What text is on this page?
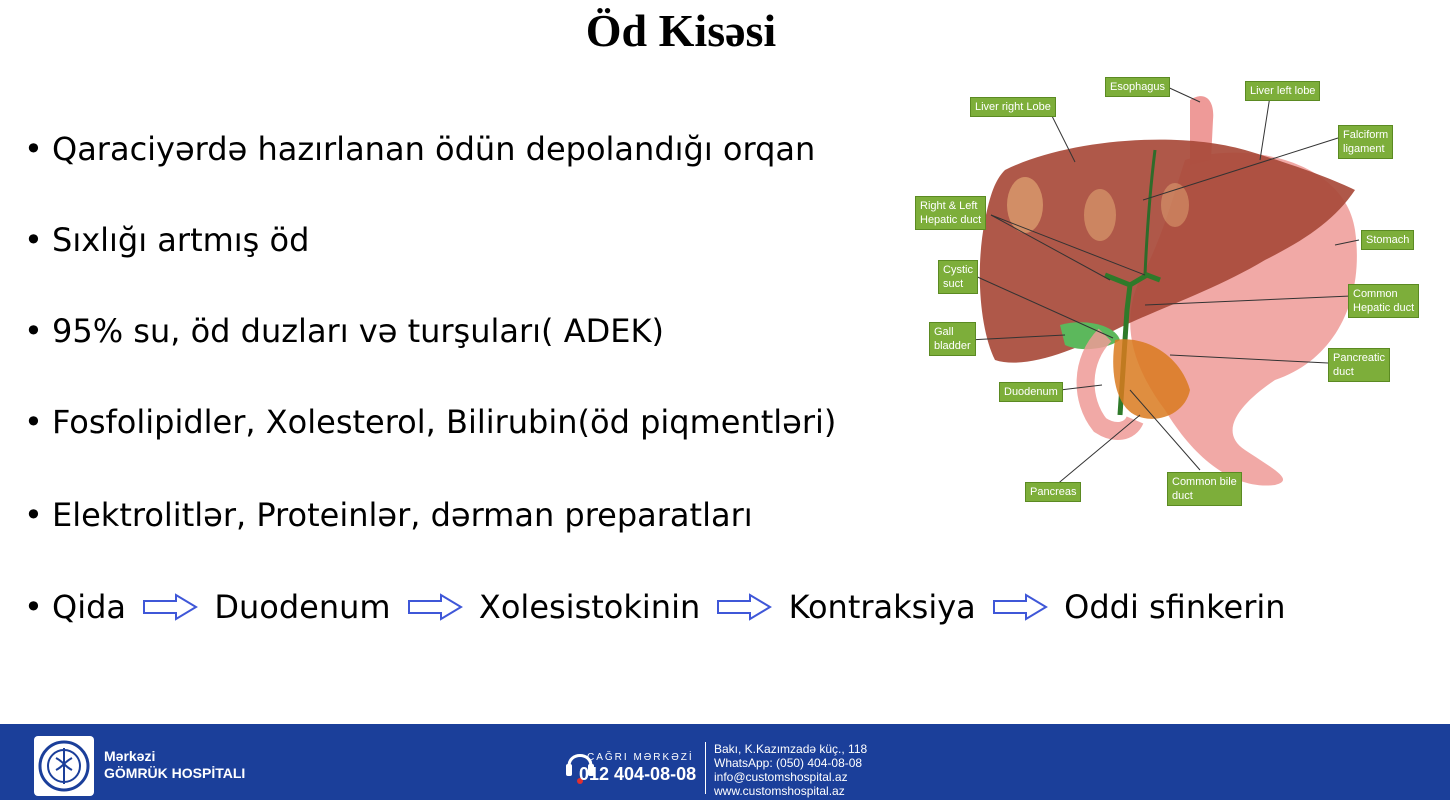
Öd Kisəsi
• Qaraciyərdə hazırlanan ödün depolandığı orqan
• Sıxlığı artmış öd
• 95% su, öd duzları və turşuları( ADEK)
• Fosfolipidler, Xolesterol, Bilirubin(öd piqmentləri)
• Elektrolitlər, Proteinlər, dərman preparatları
• Qida	Duodenum	Xolesistokinin	Kontraksiya	Oddi sfinkerin
Esophagus
Liver right Lobe
Liver left lobe
Falciform
ligament
Right & Left
Hepatic duct
Stomach
Cystic
suct
Common
Hepatic duct
Gall
bladder
Pancreatic
duct
Duodenum
Pancreas
Common bile
duct
Mərkəzi
GÖMRÜK HOSPİTALI
ÇAĞRI MƏRKƏZİ
012 404-08-08
Bakı, K.Kazımzadə küç., 118
WhatsApp: (050) 404-08-08
info@customshospital.az
www.customshospital.az
